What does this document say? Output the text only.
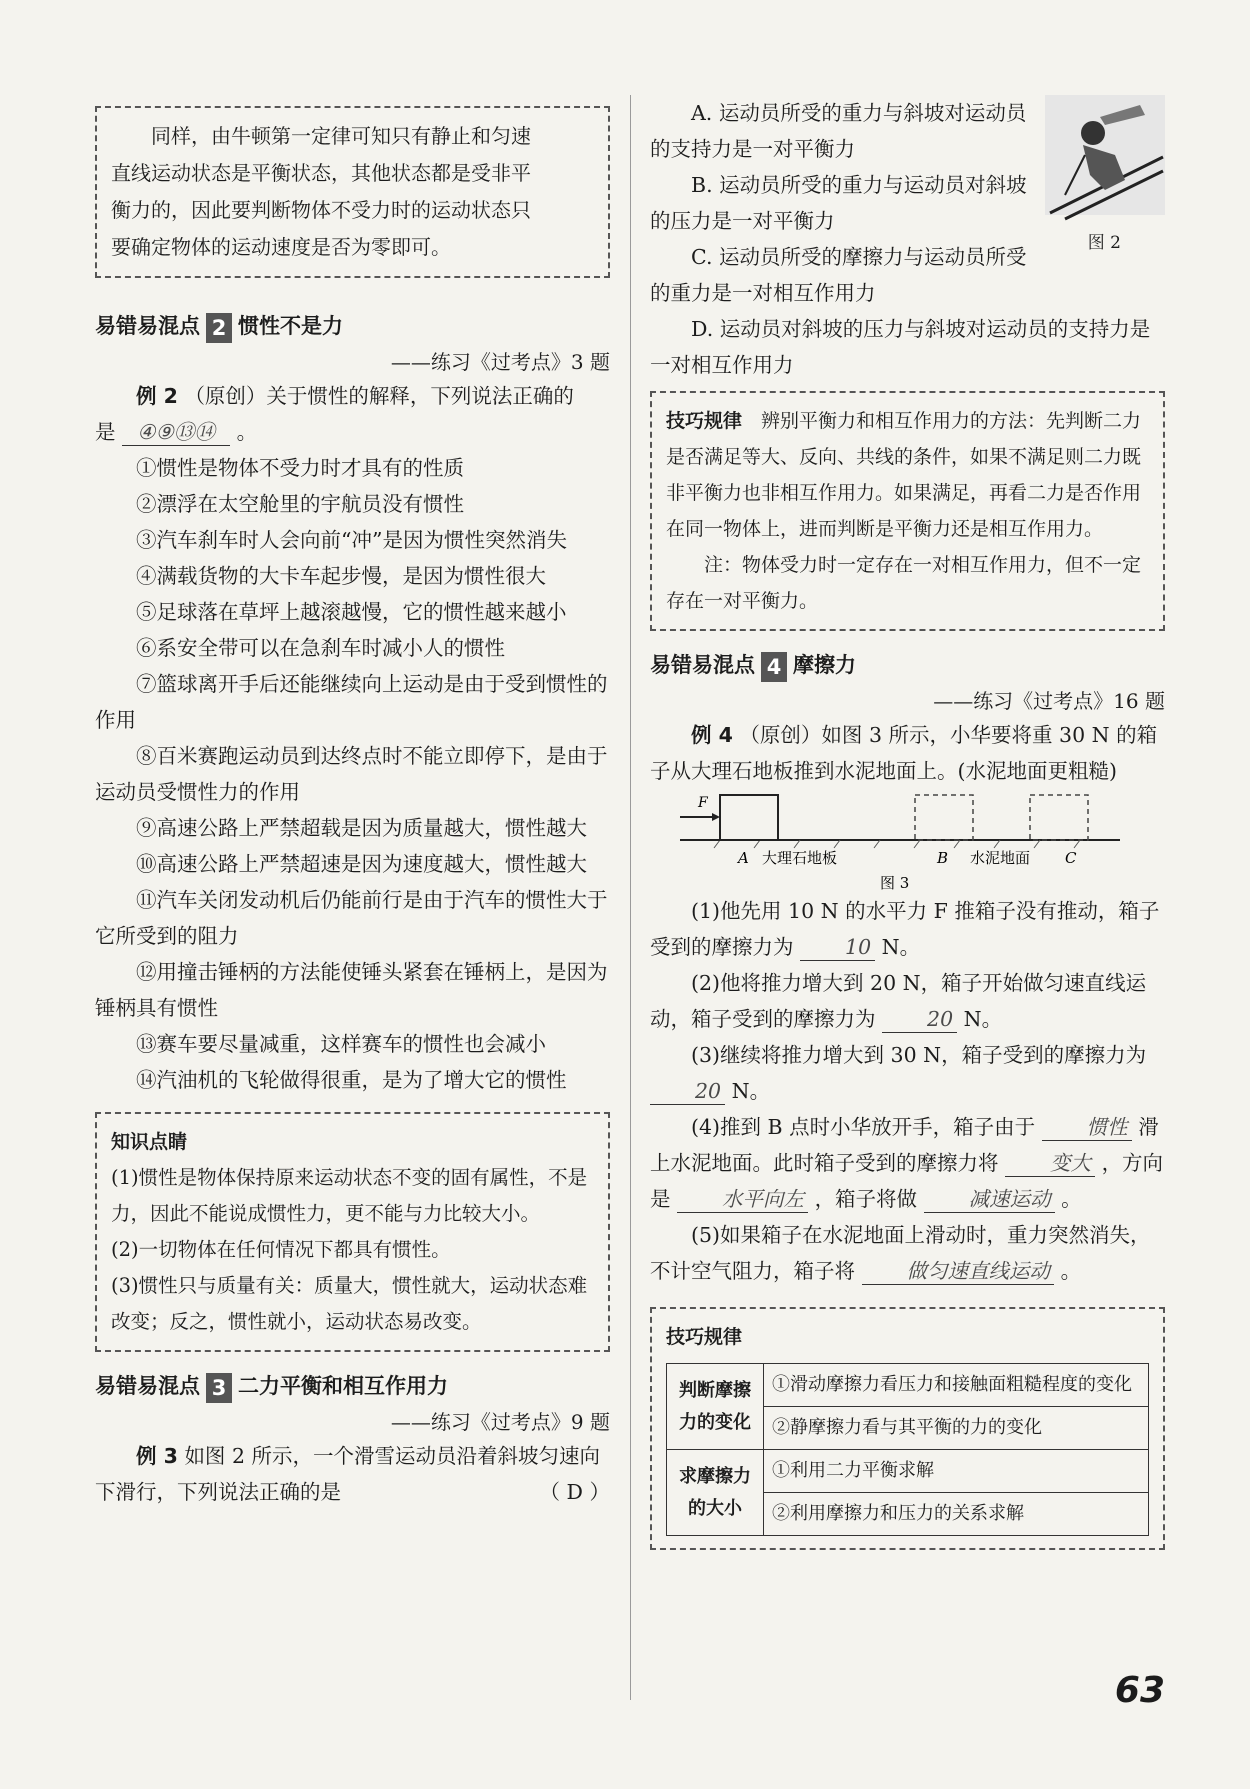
同样，由牛顿第一定律可知只有静止和匀速

直线运动状态是平衡状态，其他状态都是受非平

衡力的，因此要判断物体不受力时的运动状态只

要确定物体的运动速度是否为零即可。

易错易混点 2 惯性不是力
——练习《过考点》3 题

例 2 （原创）关于惯性的解释，下列说法正确的

是 ④⑨⑬⑭ 。

①惯性是物体不受力时才具有的性质

②漂浮在太空舱里的宇航员没有惯性

③汽车刹车时人会向前“冲”是因为惯性突然消失

④满载货物的大卡车起步慢，是因为惯性很大

⑤足球落在草坪上越滚越慢，它的惯性越来越小

⑥系安全带可以在急刹车时减小人的惯性

⑦篮球离开手后还能继续向上运动是由于受到惯性的作用

⑧百米赛跑运动员到达终点时不能立即停下，是由于运动员受惯性力的作用

⑨高速公路上严禁超载是因为质量越大，惯性越大

⑩高速公路上严禁超速是因为速度越大，惯性越大

⑪汽车关闭发动机后仍能前行是由于汽车的惯性大于它所受到的阻力

⑫用撞击锤柄的方法能使锤头紧套在锤柄上，是因为锤柄具有惯性

⑬赛车要尽量减重，这样赛车的惯性也会减小

⑭汽油机的飞轮做得很重，是为了增大它的惯性

知识点睛

(1)惯性是物体保持原来运动状态不变的固有属性，不是力，因此不能说成惯性力，更不能与力比较大小。

(2)一切物体在任何情况下都具有惯性。

(3)惯性只与质量有关：质量大，惯性就大，运动状态难改变；反之，惯性就小，运动状态易改变。

易错易混点 3 二力平衡和相互作用力
——练习《过考点》9 题

例 3 如图 2 所示，一个滑雪运动员沿着斜坡匀速向下滑行，下列说法正确的是	（ D ）

图 2

A. 运动员所受的重力与斜坡对运动员的支持力是一对平衡力

B. 运动员所受的重力与运动员对斜坡的压力是一对平衡力

C. 运动员所受的摩擦力与运动员所受的重力是一对相互作用力

D. 运动员对斜坡的压力与斜坡对运动员的支持力是一对相互作用力

技巧规律　 辨别平衡力和相互作用力的方法：先判断二力是否满足等大、反向、共线的条件，如果不满足则二力既非平衡力也非相互作用力。如果满足，再看二力是否作用在同一物体上，进而判断是平衡力还是相互作用力。

注：物体受力时一定存在一对相互作用力，但不一定存在一对平衡力。

易错易混点 4 摩擦力
——练习《过考点》16 题

例 4 （原创）如图 3 所示，小华要将重 30 N 的箱子从大理石地板推到水泥地面上。(水泥地面更粗糙)

F
A 大理石地板	B 水泥地面 C
图 3

(1)他先用 10 N 的水平力 F 推箱子没有推动，箱子受到的摩擦力为	10 N。

(2)他将推力增大到 20 N，箱子开始做匀速直线运动，箱子受到的摩擦力为	20 N。

(3)继续将推力增大到 30 N，箱子受到的摩擦力为 20 N。

(4)推到 B 点时小华放开手，箱子由于	惯性 滑上水泥地面。此时箱子受到的摩擦力将	变大 ，方向是	水平向左 ，箱子将做	减速运动 。

(5)如果箱子在水泥地面上滑动时，重力突然消失，不计空气阻力，箱子将	做匀速直线运动 。

技巧规律
判断摩擦力的变化	①滑动摩擦力看压力和接触面粗糙程度的变化
	②静摩擦力看与其平衡的力的变化
求摩擦力的大小	①利用二力平衡求解
	②利用摩擦力和压力的关系求解
63
